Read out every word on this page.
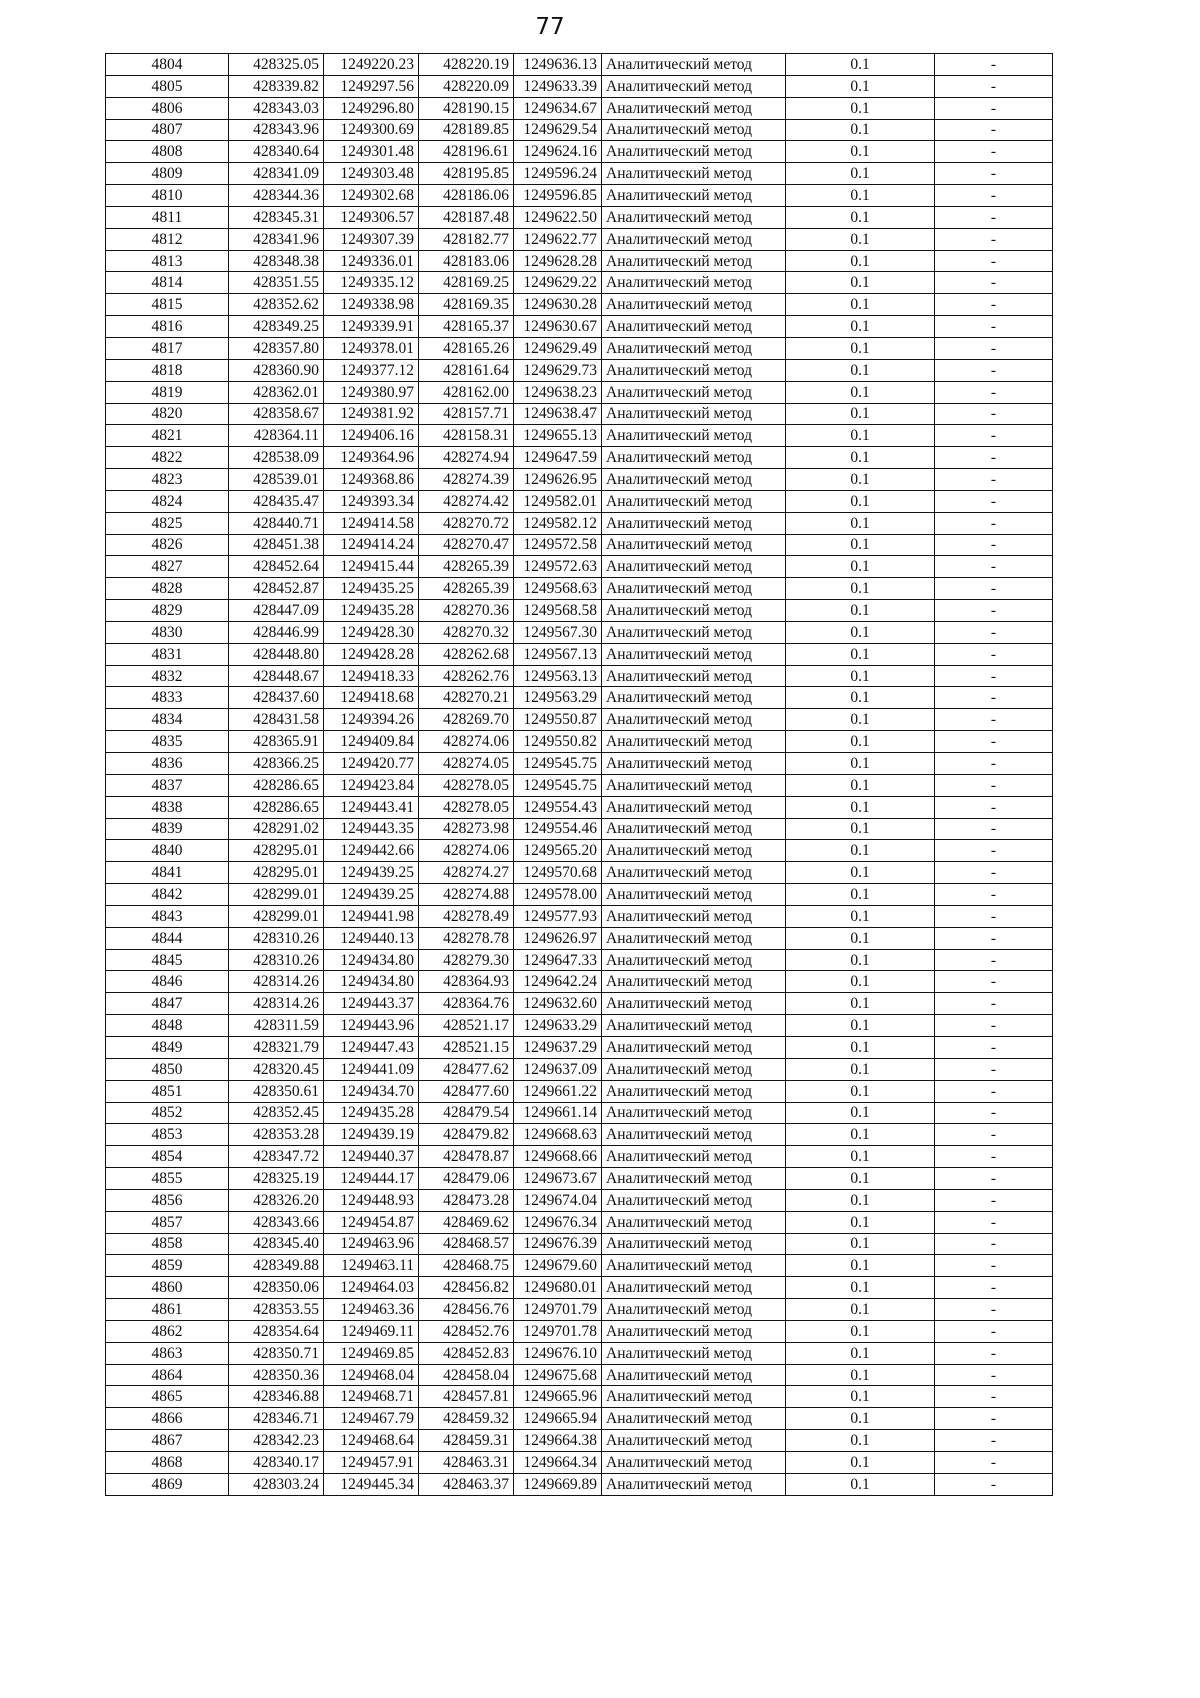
77
4804	428325.05	1249220.23	428220.19	1249636.13	Аналитический метод	0.1	-
4805	428339.82	1249297.56	428220.09	1249633.39	Аналитический метод	0.1	-
4806	428343.03	1249296.80	428190.15	1249634.67	Аналитический метод	0.1	-
4807	428343.96	1249300.69	428189.85	1249629.54	Аналитический метод	0.1	-
4808	428340.64	1249301.48	428196.61	1249624.16	Аналитический метод	0.1	-
4809	428341.09	1249303.48	428195.85	1249596.24	Аналитический метод	0.1	-
4810	428344.36	1249302.68	428186.06	1249596.85	Аналитический метод	0.1	-
4811	428345.31	1249306.57	428187.48	1249622.50	Аналитический метод	0.1	-
4812	428341.96	1249307.39	428182.77	1249622.77	Аналитический метод	0.1	-
4813	428348.38	1249336.01	428183.06	1249628.28	Аналитический метод	0.1	-
4814	428351.55	1249335.12	428169.25	1249629.22	Аналитический метод	0.1	-
4815	428352.62	1249338.98	428169.35	1249630.28	Аналитический метод	0.1	-
4816	428349.25	1249339.91	428165.37	1249630.67	Аналитический метод	0.1	-
4817	428357.80	1249378.01	428165.26	1249629.49	Аналитический метод	0.1	-
4818	428360.90	1249377.12	428161.64	1249629.73	Аналитический метод	0.1	-
4819	428362.01	1249380.97	428162.00	1249638.23	Аналитический метод	0.1	-
4820	428358.67	1249381.92	428157.71	1249638.47	Аналитический метод	0.1	-
4821	428364.11	1249406.16	428158.31	1249655.13	Аналитический метод	0.1	-
4822	428538.09	1249364.96	428274.94	1249647.59	Аналитический метод	0.1	-
4823	428539.01	1249368.86	428274.39	1249626.95	Аналитический метод	0.1	-
4824	428435.47	1249393.34	428274.42	1249582.01	Аналитический метод	0.1	-
4825	428440.71	1249414.58	428270.72	1249582.12	Аналитический метод	0.1	-
4826	428451.38	1249414.24	428270.47	1249572.58	Аналитический метод	0.1	-
4827	428452.64	1249415.44	428265.39	1249572.63	Аналитический метод	0.1	-
4828	428452.87	1249435.25	428265.39	1249568.63	Аналитический метод	0.1	-
4829	428447.09	1249435.28	428270.36	1249568.58	Аналитический метод	0.1	-
4830	428446.99	1249428.30	428270.32	1249567.30	Аналитический метод	0.1	-
4831	428448.80	1249428.28	428262.68	1249567.13	Аналитический метод	0.1	-
4832	428448.67	1249418.33	428262.76	1249563.13	Аналитический метод	0.1	-
4833	428437.60	1249418.68	428270.21	1249563.29	Аналитический метод	0.1	-
4834	428431.58	1249394.26	428269.70	1249550.87	Аналитический метод	0.1	-
4835	428365.91	1249409.84	428274.06	1249550.82	Аналитический метод	0.1	-
4836	428366.25	1249420.77	428274.05	1249545.75	Аналитический метод	0.1	-
4837	428286.65	1249423.84	428278.05	1249545.75	Аналитический метод	0.1	-
4838	428286.65	1249443.41	428278.05	1249554.43	Аналитический метод	0.1	-
4839	428291.02	1249443.35	428273.98	1249554.46	Аналитический метод	0.1	-
4840	428295.01	1249442.66	428274.06	1249565.20	Аналитический метод	0.1	-
4841	428295.01	1249439.25	428274.27	1249570.68	Аналитический метод	0.1	-
4842	428299.01	1249439.25	428274.88	1249578.00	Аналитический метод	0.1	-
4843	428299.01	1249441.98	428278.49	1249577.93	Аналитический метод	0.1	-
4844	428310.26	1249440.13	428278.78	1249626.97	Аналитический метод	0.1	-
4845	428310.26	1249434.80	428279.30	1249647.33	Аналитический метод	0.1	-
4846	428314.26	1249434.80	428364.93	1249642.24	Аналитический метод	0.1	-
4847	428314.26	1249443.37	428364.76	1249632.60	Аналитический метод	0.1	-
4848	428311.59	1249443.96	428521.17	1249633.29	Аналитический метод	0.1	-
4849	428321.79	1249447.43	428521.15	1249637.29	Аналитический метод	0.1	-
4850	428320.45	1249441.09	428477.62	1249637.09	Аналитический метод	0.1	-
4851	428350.61	1249434.70	428477.60	1249661.22	Аналитический метод	0.1	-
4852	428352.45	1249435.28	428479.54	1249661.14	Аналитический метод	0.1	-
4853	428353.28	1249439.19	428479.82	1249668.63	Аналитический метод	0.1	-
4854	428347.72	1249440.37	428478.87	1249668.66	Аналитический метод	0.1	-
4855	428325.19	1249444.17	428479.06	1249673.67	Аналитический метод	0.1	-
4856	428326.20	1249448.93	428473.28	1249674.04	Аналитический метод	0.1	-
4857	428343.66	1249454.87	428469.62	1249676.34	Аналитический метод	0.1	-
4858	428345.40	1249463.96	428468.57	1249676.39	Аналитический метод	0.1	-
4859	428349.88	1249463.11	428468.75	1249679.60	Аналитический метод	0.1	-
4860	428350.06	1249464.03	428456.82	1249680.01	Аналитический метод	0.1	-
4861	428353.55	1249463.36	428456.76	1249701.79	Аналитический метод	0.1	-
4862	428354.64	1249469.11	428452.76	1249701.78	Аналитический метод	0.1	-
4863	428350.71	1249469.85	428452.83	1249676.10	Аналитический метод	0.1	-
4864	428350.36	1249468.04	428458.04	1249675.68	Аналитический метод	0.1	-
4865	428346.88	1249468.71	428457.81	1249665.96	Аналитический метод	0.1	-
4866	428346.71	1249467.79	428459.32	1249665.94	Аналитический метод	0.1	-
4867	428342.23	1249468.64	428459.31	1249664.38	Аналитический метод	0.1	-
4868	428340.17	1249457.91	428463.31	1249664.34	Аналитический метод	0.1	-
4869	428303.24	1249445.34	428463.37	1249669.89	Аналитический метод	0.1	-
